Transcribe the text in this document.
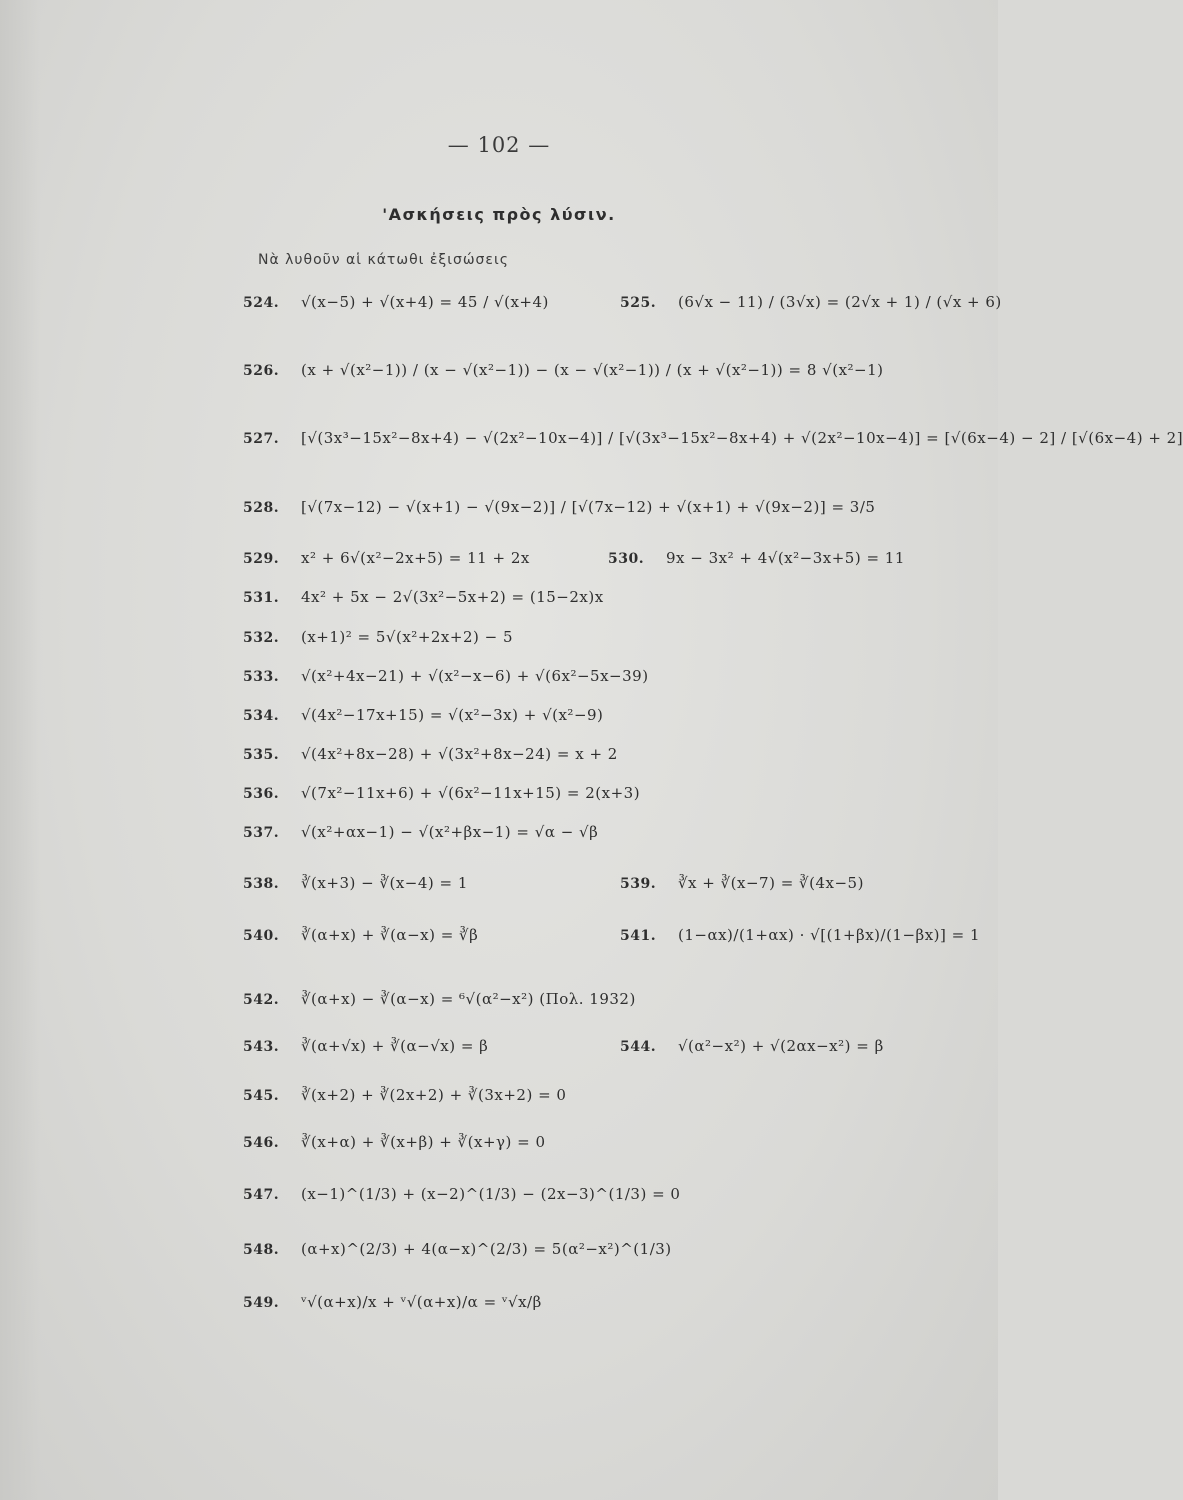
— 102 —
'Ασκήσεις πρὸς λύσιν.
Νὰ λυθοῦν αἱ κάτωθι ἐξισώσεις
524. √(x−5) + √(x+4) = 45 / √(x+4)	525. (6√x − 11) / (3√x) = (2√x + 1) / (√x + 6)
526. (x + √(x²−1)) / (x − √(x²−1)) − (x − √(x²−1)) / (x + √(x²−1)) = 8 √(x²−1)
527. [√(3x³−15x²−8x+4) − √(2x²−10x−4)] / [√(3x³−15x²−8x+4) + √(2x²−10x−4)] = [√(6x−4) − 2] / [√(6x−4) + 2]
528. [√(7x−12) − √(x+1) − √(9x−2)] / [√(7x−12) + √(x+1) + √(9x−2)] = 3/5
529. x² + 6√(x²−2x+5) = 11 + 2x	530. 9x − 3x² + 4√(x²−3x+5) = 11
531. 4x² + 5x − 2√(3x²−5x+2) = (15−2x)x
532. (x+1)² = 5√(x²+2x+2) − 5
533. √(x²+4x−21) + √(x²−x−6) + √(6x²−5x−39)
534. √(4x²−17x+15) = √(x²−3x) + √(x²−9)
535. √(4x²+8x−28) + √(3x²+8x−24) = x + 2
536. √(7x²−11x+6) + √(6x²−11x+15) = 2(x+3)
537. √(x²+αx−1) − √(x²+βx−1) = √α − √β
538. ∛(x+3) − ∛(x−4) = 1	539. ∛x + ∛(x−7) = ∛(4x−5)
540. ∛(α+x) + ∛(α−x) = ∛β	541. (1−αx)/(1+αx) · √[(1+βx)/(1−βx)] = 1
542. ∛(α+x) − ∛(α−x) = ⁶√(α²−x²) (Πολ. 1932)
543. ∛(α+√x) + ∛(α−√x) = β	544. √(α²−x²) + √(2αx−x²) = β
545. ∛(x+2) + ∛(2x+2) + ∛(3x+2) = 0
546. ∛(x+α) + ∛(x+β) + ∛(x+γ) = 0
547. (x−1)^(1/3) + (x−2)^(1/3) − (2x−3)^(1/3) = 0
548. (α+x)^(2/3) + 4(α−x)^(2/3) = 5(α²−x²)^(1/3)
549. ᵛ√(α+x)/x + ᵛ√(α+x)/α = ᵛ√x/β
